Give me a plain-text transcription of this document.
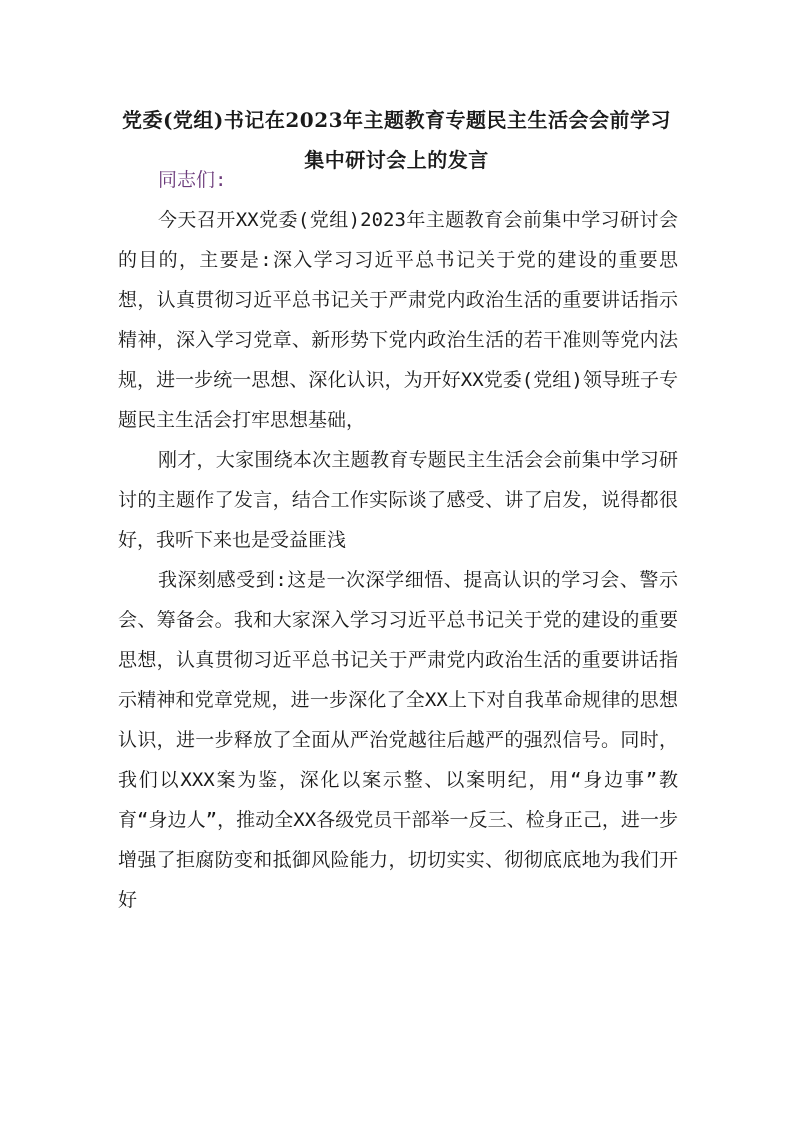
党委(党组)书记在2023年主题教育专题民主生活会会前学习集中研讨会上的发言

同志们:

今天召开XX党委(党组)2023年主题教育会前集中学习研讨会的目的，主要是:深入学习习近平总书记关于党的建设的重要思想，认真贯彻习近平总书记关于严肃党内政治生活的重要讲话指示精神，深入学习党章、新形势下党内政治生活的若干准则等党内法规，进一步统一思想、深化认识，为开好XX党委(党组)领导班子专题民主生活会打牢思想基础，

刚才，大家围绕本次主题教育专题民主生活会会前集中学习研讨的主题作了发言，结合工作实际谈了感受、讲了启发，说得都很好，我听下来也是受益匪浅

我深刻感受到:这是一次深学细悟、提高认识的学习会、警示会、筹备会。我和大家深入学习习近平总书记关于党的建设的重要思想，认真贯彻习近平总书记关于严肃党内政治生活的重要讲话指示精神和党章党规，进一步深化了全XX上下对自我革命规律的思想认识，进一步释放了全面从严治党越往后越严的强烈信号。同时，我们以XXX案为鉴，深化以案示整、以案明纪，用“身边事”教育“身边人”，推动全XX各级党员干部举一反三、检身正己，进一步增强了拒腐防变和抵御风险能力，切切实实、彻彻底底地为我们开好
